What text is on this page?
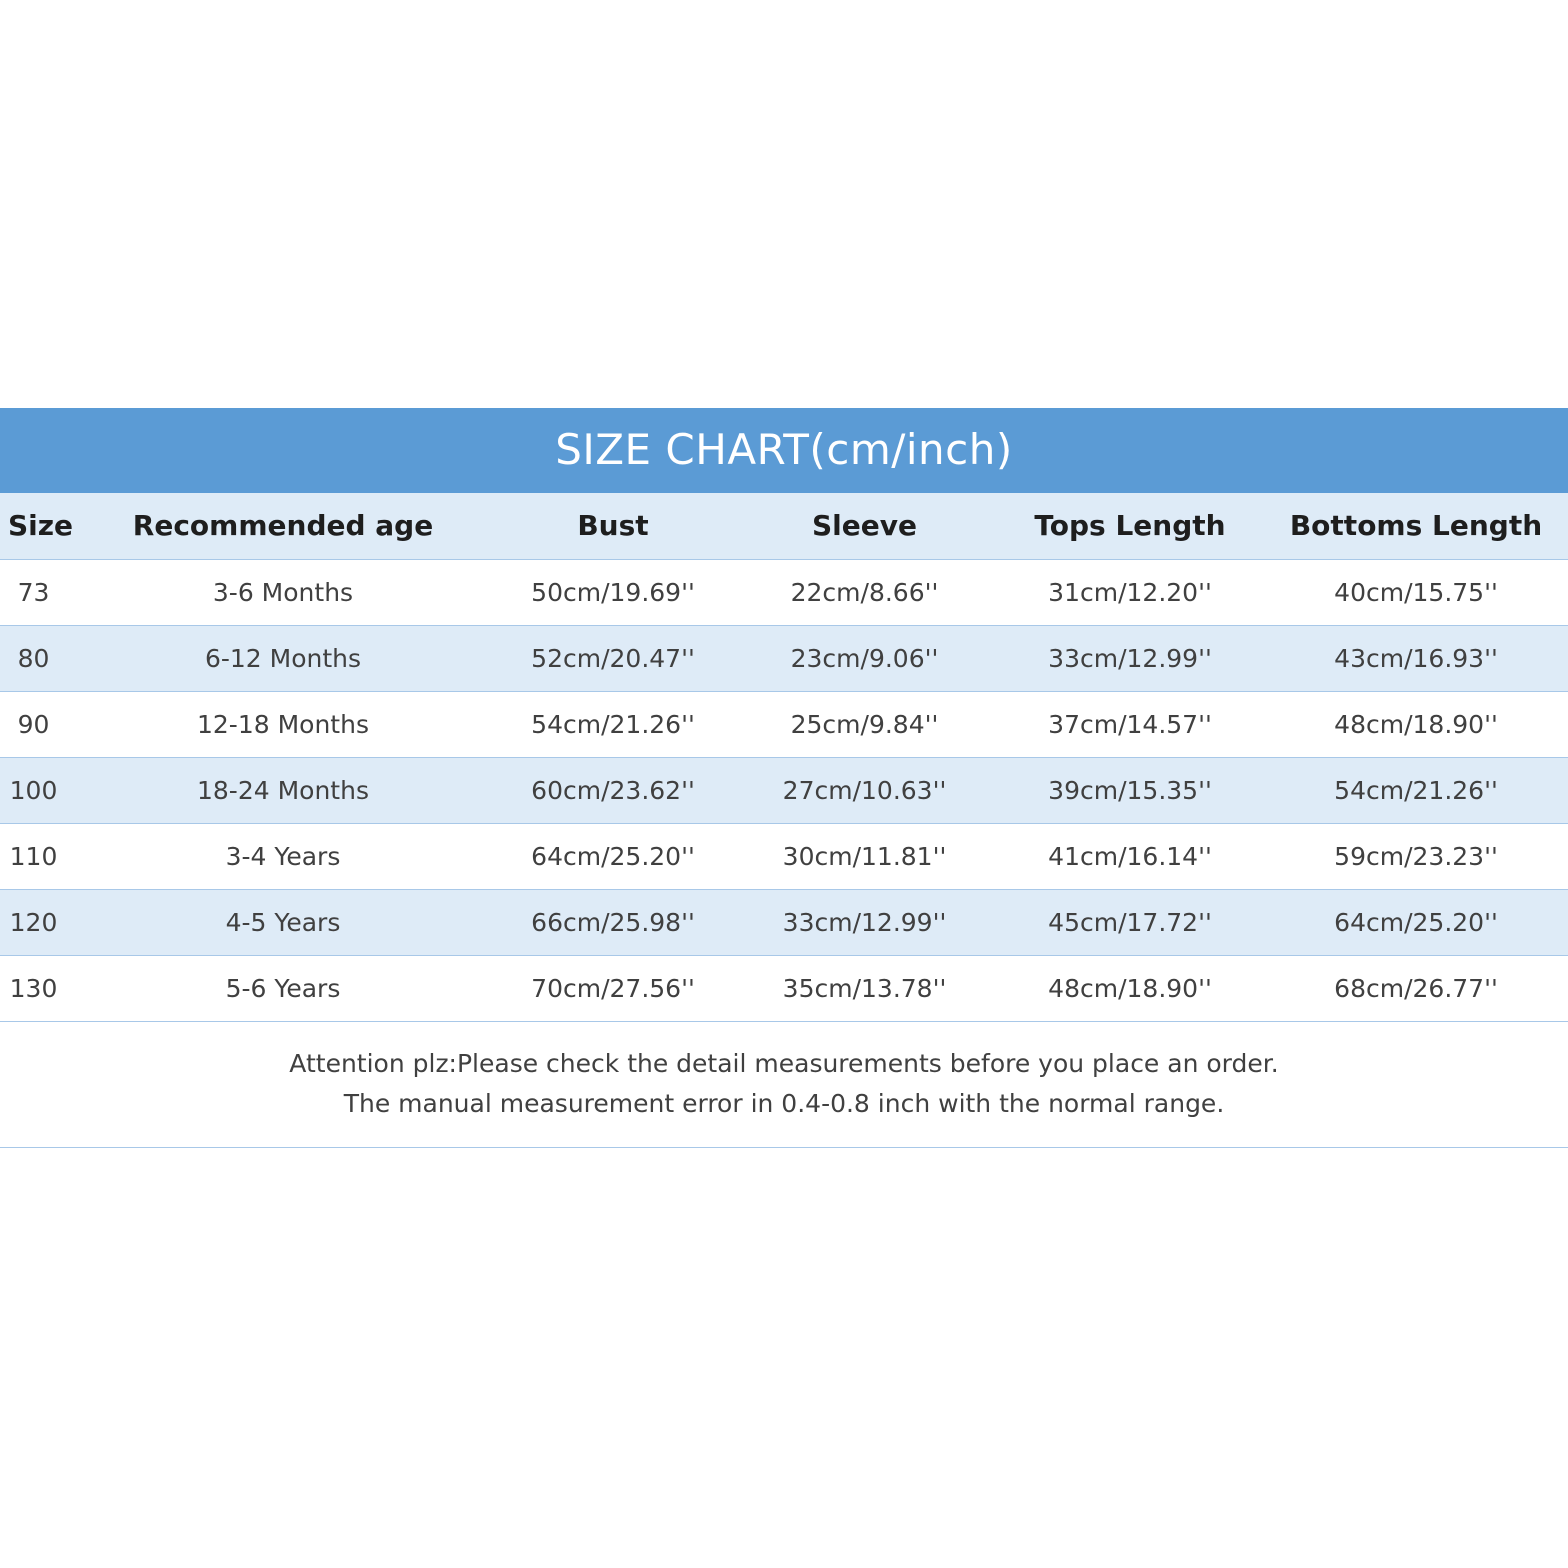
SIZE CHART(cm/inch)
Size	Recommended age	Bust	Sleeve	Tops Length	Bottoms Length
73	3-6 Months	50cm/19.69''	22cm/8.66''	31cm/12.20''	40cm/15.75''
80	6-12 Months	52cm/20.47''	23cm/9.06''	33cm/12.99''	43cm/16.93''
90	12-18 Months	54cm/21.26''	25cm/9.84''	37cm/14.57''	48cm/18.90''
100	18-24 Months	60cm/23.62''	27cm/10.63''	39cm/15.35''	54cm/21.26''
110	3-4 Years	64cm/25.20''	30cm/11.81''	41cm/16.14''	59cm/23.23''
120	4-5 Years	66cm/25.98''	33cm/12.99''	45cm/17.72''	64cm/25.20''
130	5-6 Years	70cm/27.56''	35cm/13.78''	48cm/18.90''	68cm/26.77''
Attention plz:Please check the detail measurements before you place an order.
The manual measurement error in 0.4-0.8 inch with the normal range.
